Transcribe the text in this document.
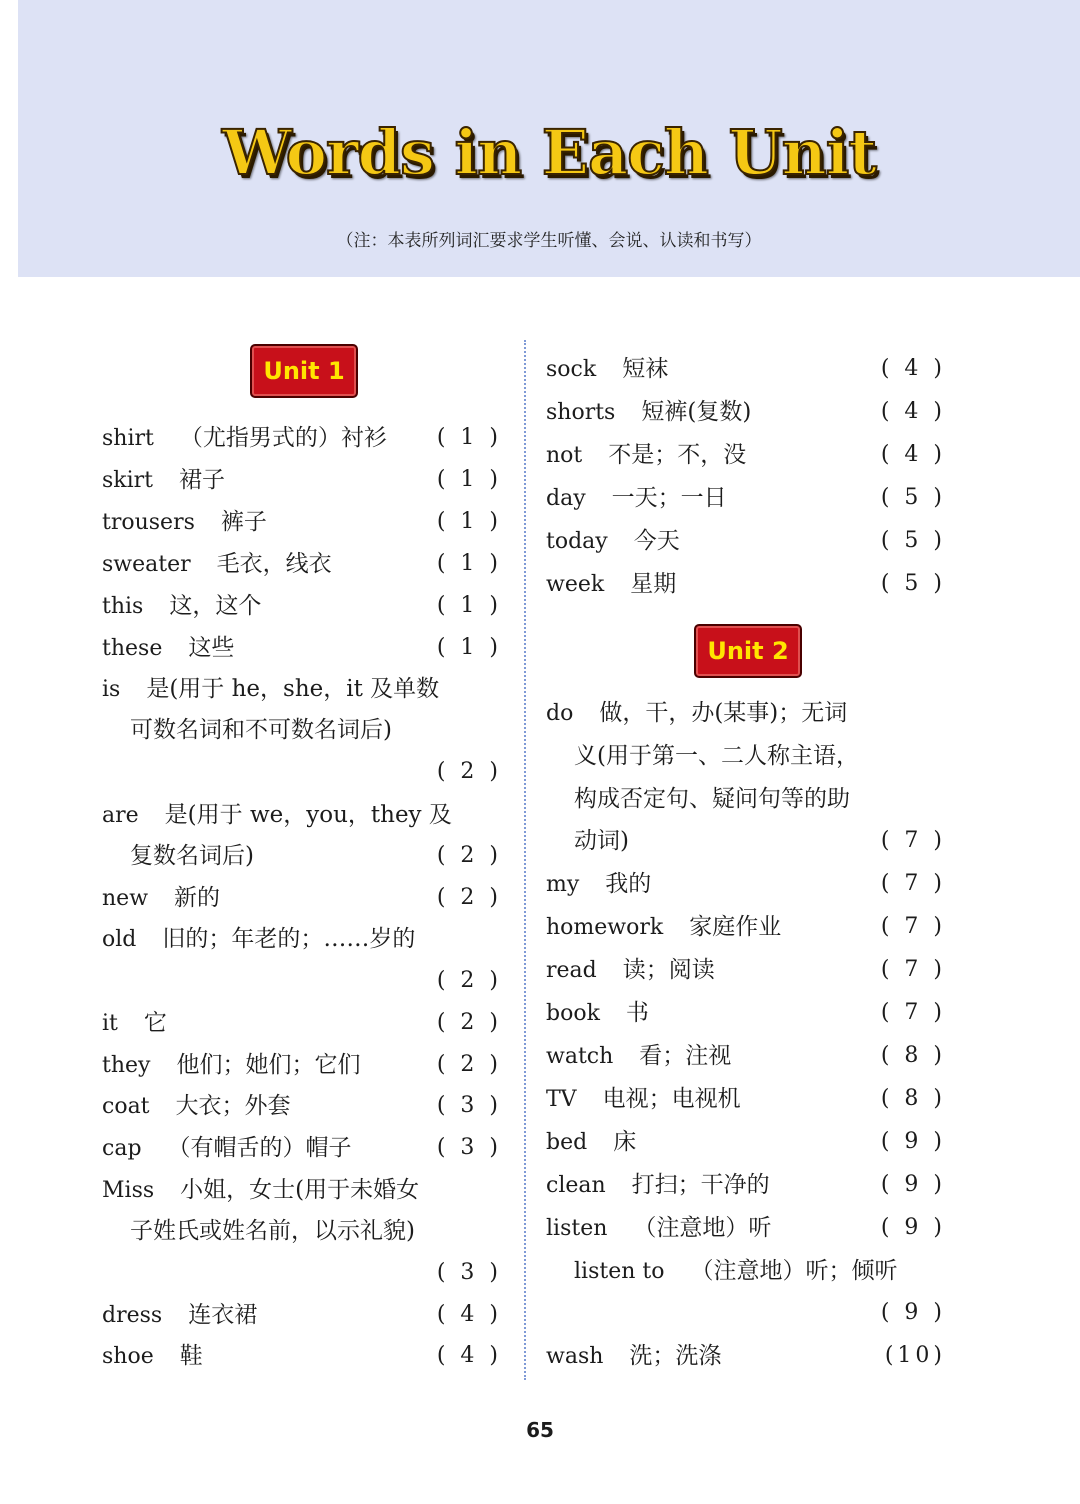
Words in Each Unit
（注：本表所列词汇要求学生听懂、会说、认读和书写）
Unit 1
shirt （尤指男式的）衬衫 ( 1 )
skirt 裙子	( 1 )
trousers 裤子	( 1 )
sweater 毛衣，线衣	( 1 )
this 这，这个	( 1 )
these 这些	( 1 )
is 是(用于 he，she，it 及单数
可数名词和不可数名词后)
( 2 )
are 是(用于 we，you，they 及
复数名词后)	( 2 )
new 新的	( 2 )
old 旧的；年老的；……岁的
( 2 )
it 它	( 2 )
they 他们；她们；它们	( 2 )
coat 大衣；外套	( 3 )
cap （有帽舌的）帽子	( 3 )
Miss 小姐，女士(用于未婚女
子姓氏或姓名前，以示礼貌)
( 3 )
dress 连衣裙	( 4 )
shoe 鞋	( 4 )
Unit 2
sock 短袜	( 4 )
shorts 短裤(复数)	( 4 )
not 不是；不，没	( 4 )
day 一天；一日	( 5 )
today 今天	( 5 )
week 星期	( 5 )
do 做，干，办(某事)；无词
义(用于第一、二人称主语，
构成否定句、疑问句等的助
动词)	( 7 )
my 我的	( 7 )
homework 家庭作业	( 7 )
read 读；阅读	( 7 )
book 书	( 7 )
watch 看；注视	( 8 )
TV 电视；电视机	( 8 )
bed 床	( 9 )
clean 打扫；干净的	( 9 )
listen （注意地）听	( 9 )
listen to （注意地）听；倾听
( 9 )
wash 洗；洗涤	(10)
65
